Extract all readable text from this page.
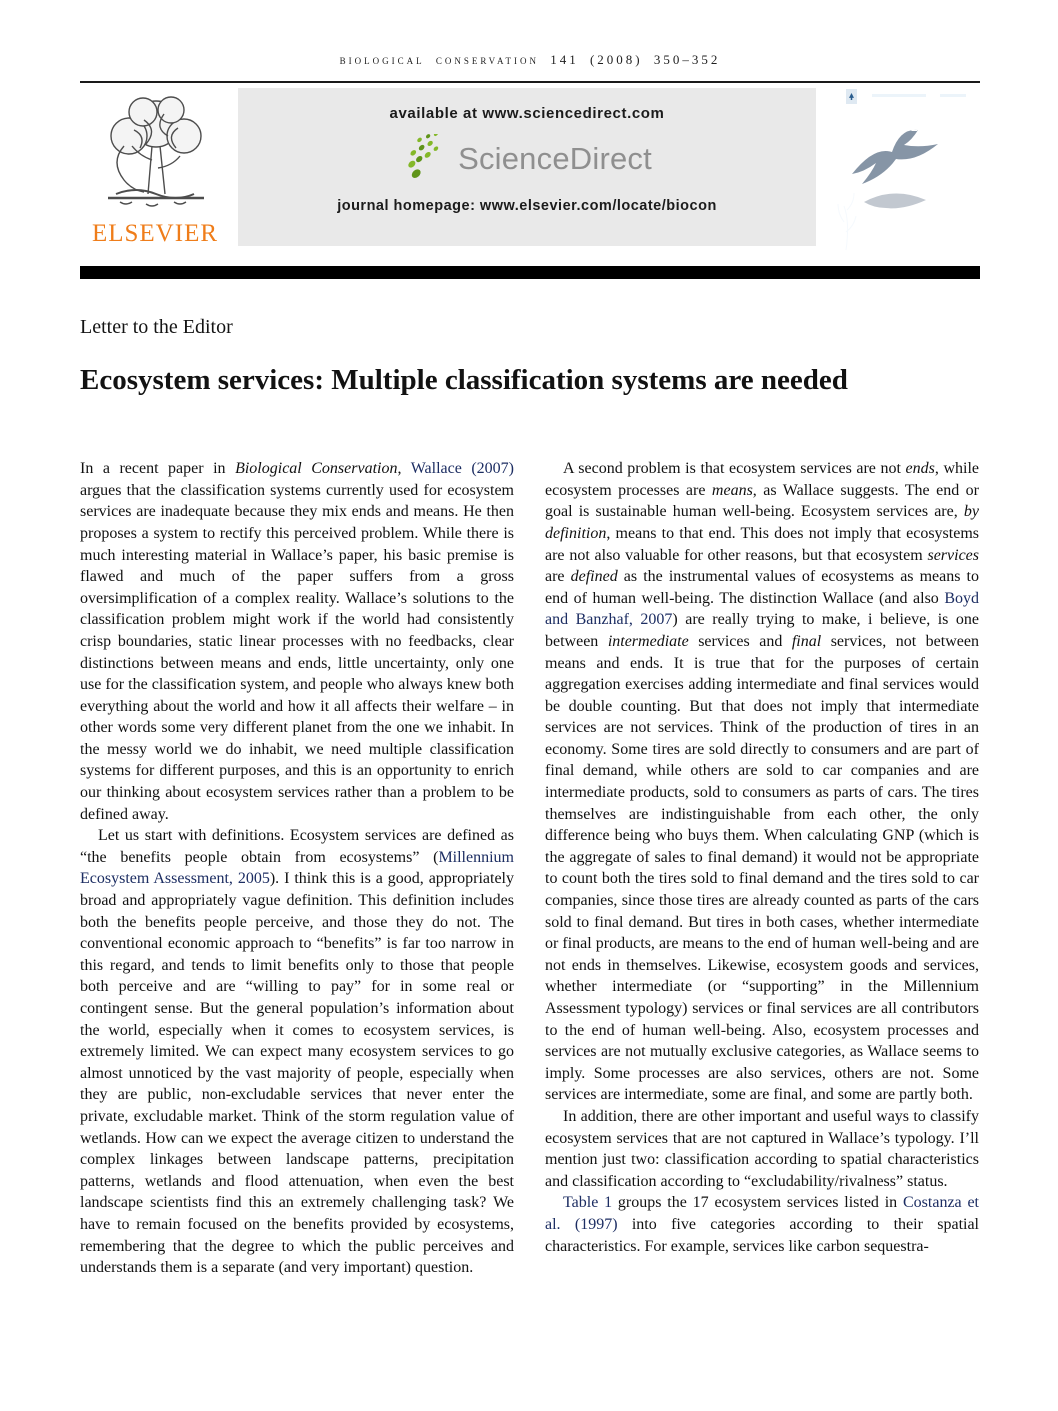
biological conservation 141 (2008) 350–352
ELSEVIER
available at www.sciencedirect.com
ScienceDirect
journal homepage: www.elsevier.com/locate/biocon
BIOLOGICAL
CONSERVATION
Letter to the Editor
Ecosystem services: Multiple classification systems are needed

In a recent paper in Biological Conservation, Wallace (2007) argues that the classification systems currently used for ecosystem services are inadequate because they mix ends and means. He then proposes a system to rectify this perceived problem. While there is much interesting material in Wallace’s paper, his basic premise is flawed and much of the paper suffers from a gross oversimplification of a complex reality. Wallace’s solutions to the classification problem might work if the world had consistently crisp boundaries, static linear processes with no feedbacks, clear distinctions between means and ends, little uncertainty, only one use for the classification system, and people who always knew both everything about the world and how it all affects their welfare – in other words some very different planet from the one we inhabit. In the messy world we do inhabit, we need multiple classification systems for different purposes, and this is an opportunity to enrich our thinking about ecosystem services rather than a problem to be defined away.

Let us start with definitions. Ecosystem services are defined as “the benefits people obtain from ecosystems” (Millennium Ecosystem Assessment, 2005). I think this is a good, appropriately broad and appropriately vague definition. This definition includes both the benefits people perceive, and those they do not. The conventional economic approach to “benefits” is far too narrow in this regard, and tends to limit benefits only to those that people both perceive and are “willing to pay” for in some real or contingent sense. But the general population’s information about the world, especially when it comes to ecosystem services, is extremely limited. We can expect many ecosystem services to go almost unnoticed by the vast majority of people, especially when they are public, non-excludable services that never enter the private, excludable market. Think of the storm regulation value of wetlands. How can we expect the average citizen to understand the complex linkages between landscape patterns, precipitation patterns, wetlands and flood attenuation, when even the best landscape scientists find this an extremely challenging task? We have to remain focused on the benefits provided by ecosystems, remembering that the degree to which the public perceives and understands them is a separate (and very important) question.

A second problem is that ecosystem services are not ends, while ecosystem processes are means, as Wallace suggests. The end or goal is sustainable human well-being. Ecosystem services are, by definition, means to that end. This does not imply that ecosystems are not also valuable for other reasons, but that ecosystem services are defined as the instrumental values of ecosystems as means to end of human well-being. The distinction Wallace (and also Boyd and Banzhaf, 2007) are really trying to make, i believe, is one between intermediate services and final services, not between means and ends. It is true that for the purposes of certain aggregation exercises adding intermediate and final services would be double counting. But that does not imply that intermediate services are not services. Think of the production of tires in an economy. Some tires are sold directly to consumers and are part of final demand, while others are sold to car companies and are intermediate products, sold to consumers as parts of cars. The tires themselves are indistinguishable from each other, the only difference being who buys them. When calculating GNP (which is the aggregate of sales to final demand) it would not be appropriate to count both the tires sold to final demand and the tires sold to car companies, since those tires are already counted as parts of the cars sold to final demand. But tires in both cases, whether intermediate or final products, are means to the end of human well-being and are not ends in themselves. Likewise, ecosystem goods and services, whether intermediate (or “supporting” in the Millennium Assessment typology) services or final services are all contributors to the end of human well-being. Also, ecosystem processes and services are not mutually exclusive categories, as Wallace seems to imply. Some processes are also services, others are not. Some services are intermediate, some are final, and some are partly both.

In addition, there are other important and useful ways to classify ecosystem services that are not captured in Wallace’s typology. I’ll mention just two: classification according to spatial characteristics and classification according to “excludability/rivalness” status.

Table 1 groups the 17 ecosystem services listed in Costanza et al. (1997) into five categories according to their spatial characteristics. For example, services like carbon sequestra-
